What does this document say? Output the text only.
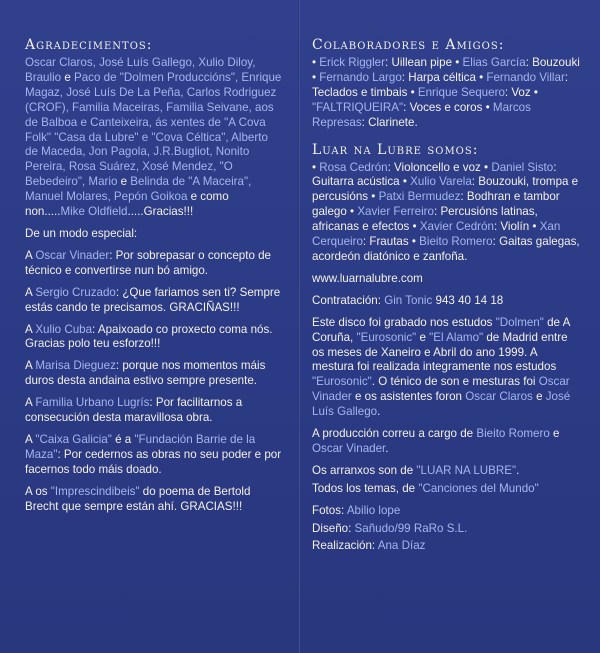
Agradecimentos:

Oscar Claros, José Luís Gallego, Xulio Diloy, Braulio e Paco de "Dolmen Produccións", Enrique Magaz, José Luís De La Peña, Carlos Rodriguez (CROF), Familia Maceiras, Familia Seivane, aos de Balboa e Canteixeira, ás xentes de "A Cova Folk" "Casa da Lubre" e "Cova Céltica", Alberto de Maceda, Jon Pagola, J.R.Bugliot, Nonito Pereira, Rosa Suárez, Xosé Mendez, "O Bebedeiro", Mario e Belinda de "A Maceira", Manuel Molares, Pepón Goikoa e como non.....Mike Oldfield.....Gracias!!!

De un modo especial:

A Oscar Vinader: Por sobrepasar o concepto de técnico e convertirse nun bó amigo.

A Sergio Cruzado: ¿Que fariamos sen ti? Sempre estás cando te precisamos. GRACIÑAS!!!

A Xulio Cuba: Apaixoado co proxecto coma nós. Gracias polo teu esforzo!!!

A Marisa Dieguez: porque nos momentos máis duros desta andaina estivo sempre presente.

A Familia Urbano Lugrís: Por facilitarnos a consecución desta maravillosa obra.

A "Caixa Galicia" é a "Fundación Barrie de la Maza": Por cedernos as obras no seu poder e por facernos todo máis doado.

A os "Imprescindibeis" do poema de Bertold Brecht que sempre están ahí. GRACIAS!!!

Colaboradores e Amigos:

• Erick Riggler: Uillean pipe • Elias García: Bouzouki • Fernando Largo: Harpa céltica • Fernando Villar: Teclados e timbais • Enrique Sequero: Voz • "FALTRIQUEIRA": Voces e coros • Marcos Represas: Clarinete.

Luar na Lubre somos:

• Rosa Cedrón: Violoncello e voz • Daniel Sisto: Guitarra acústica • Xulio Varela: Bouzouki, trompa e percusións • Patxi Bermudez: Bodhran e tambor galego • Xavier Ferreiro: Percusións latinas, africanas e efectos • Xavier Cedrón: Violín • Xan Cerqueiro: Frautas • Bieito Romero: Gaitas galegas, acordeón diatónico e zanfoña.

www.luarnalubre.com

Contratación: Gin Tonic 943 40 14 18

Este disco foi grabado nos estudos "Dolmen" de A Coruña, "Eurosonic" e "El Alamo" de Madrid entre os meses de Xaneiro e Abril do ano 1999. A mestura foi realizada integramente nos estudos "Eurosonic". O ténico de son e mesturas foi Oscar Vinader e os asistentes foron Oscar Claros e José Luís Gallego.

A producción correu a cargo de Bieito Romero e Oscar Vinader.

Os arranxos son de "LUAR NA LUBRE".

Todos los temas, de "Canciones del Mundo"

Fotos: Abilio lope

Diseño: Sañudo/99 RaRo S.L.

Realización: Ana Díaz
